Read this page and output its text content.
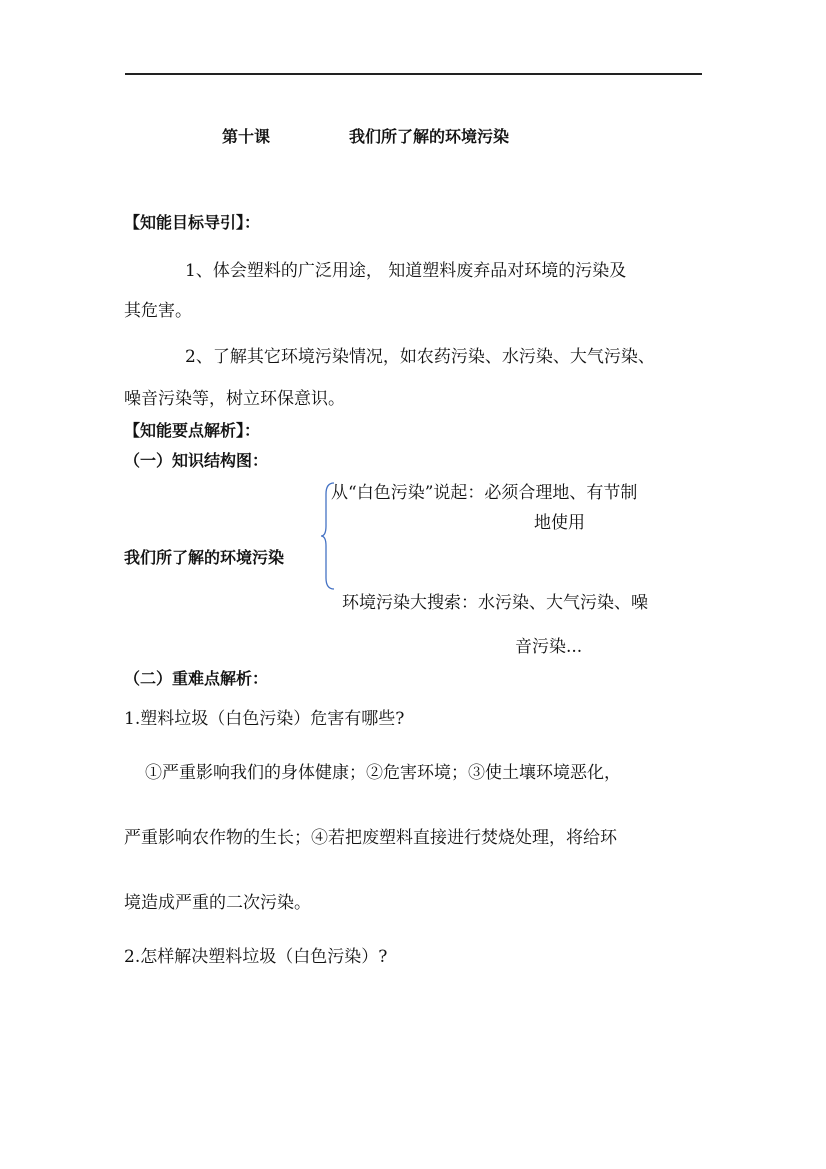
第十课	我们所了解的环境污染
【知能目标导引】：
1、体会塑料的广泛用途， 知道塑料废弃品对环境的污染及
其危害。
2、了解其它环境污染情况，如农药污染、水污染、大气污染、
噪音污染等，树立环保意识。
【知能要点解析】：
（一）知识结构图：
从“白色污染”说起：必须合理地、有节制
地使用
我们所了解的环境污染
环境污染大搜索：水污染、大气污染、噪
音污染...
（二）重难点解析：
1.塑料垃圾（白色污染）危害有哪些?
①严重影响我们的身体健康；②危害环境；③使土壤环境恶化，
严重影响农作物的生长；④若把废塑料直接进行焚烧处理，将给环
境造成严重的二次污染。
2.怎样解决塑料垃圾（白色污染）?
